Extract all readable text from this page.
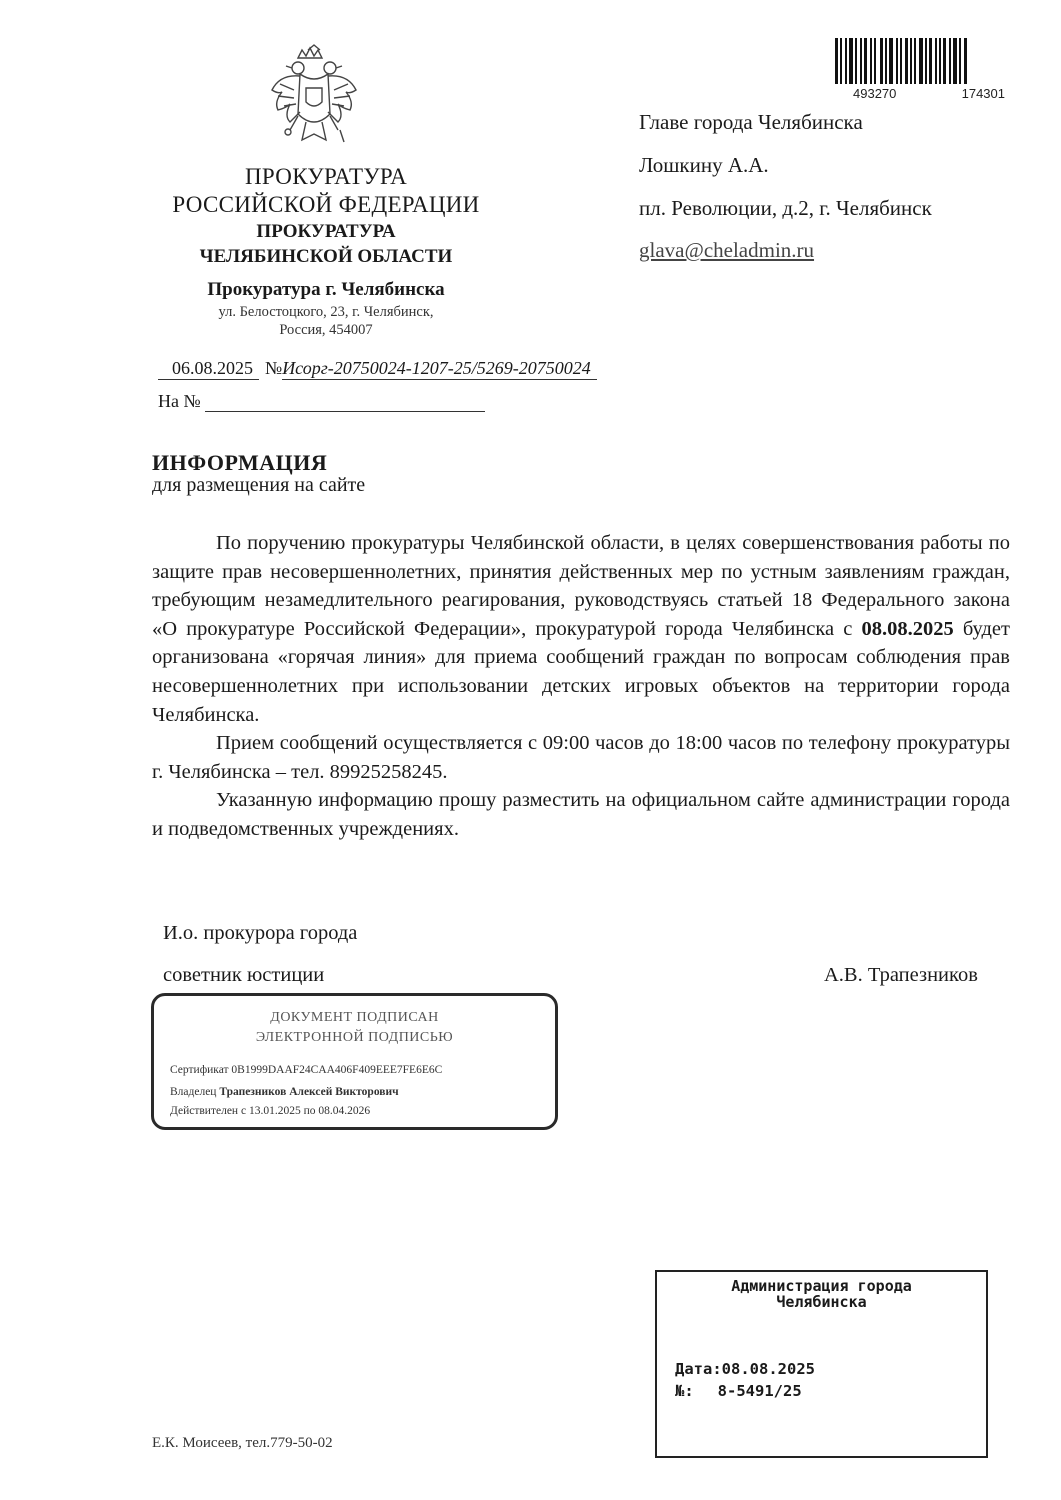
493270	174301
ПРОКУРАТУРА
РОССИЙСКОЙ ФЕДЕРАЦИИ
ПРОКУРАТУРА
ЧЕЛЯБИНСКОЙ ОБЛАСТИ
Прокуратура г. Челябинска
ул. Белостоцкого, 23, г. Челябинск,
Россия, 454007
06.08.2025 №Исорг-20750024-1207-25/5269-20750024
На №
Главе города Челябинска
Лошкину А.А.
пл. Революции, д.2, г. Челябинск
glava@cheladmin.ru
ИНФОРМАЦИЯ
для размещения на сайте

По поручению прокуратуры Челябинской области, в целях совершенствования работы по защите прав несовершеннолетних, принятия действенных мер по устным заявлениям граждан, требующим незамедлительного реагирования, руководствуясь статьей 18 Федерального закона «О прокуратуре Российской Федерации», прокуратурой города Челябинска с 08.08.2025 будет организована «горячая линия» для приема сообщений граждан по вопросам соблюдения прав несовершеннолетних при использовании детских игровых объектов на территории города Челябинска.

Прием сообщений осуществляется с 09:00 часов до 18:00 часов по телефону прокуратуры г. Челябинска – тел. 89925258245.

Указанную информацию прошу разместить на официальном сайте администрации города и подведомственных учреждениях.

И.о. прокурора города
советник юстиции	А.В. Трапезников
ДОКУМЕНТ ПОДПИСАН
ЭЛЕКТРОННОЙ ПОДПИСЬЮ
Сертификат 0B1999DAAF24CAA406F409EEE7FE6E6C
Владелец Трапезников Алексей Викторович
Действителен с 13.01.2025 по 08.04.2026
Администрация города
Челябинска
Дата:08.08.2025
№: 8-5491/25
Е.К. Моисеев, тел.779-50-02
